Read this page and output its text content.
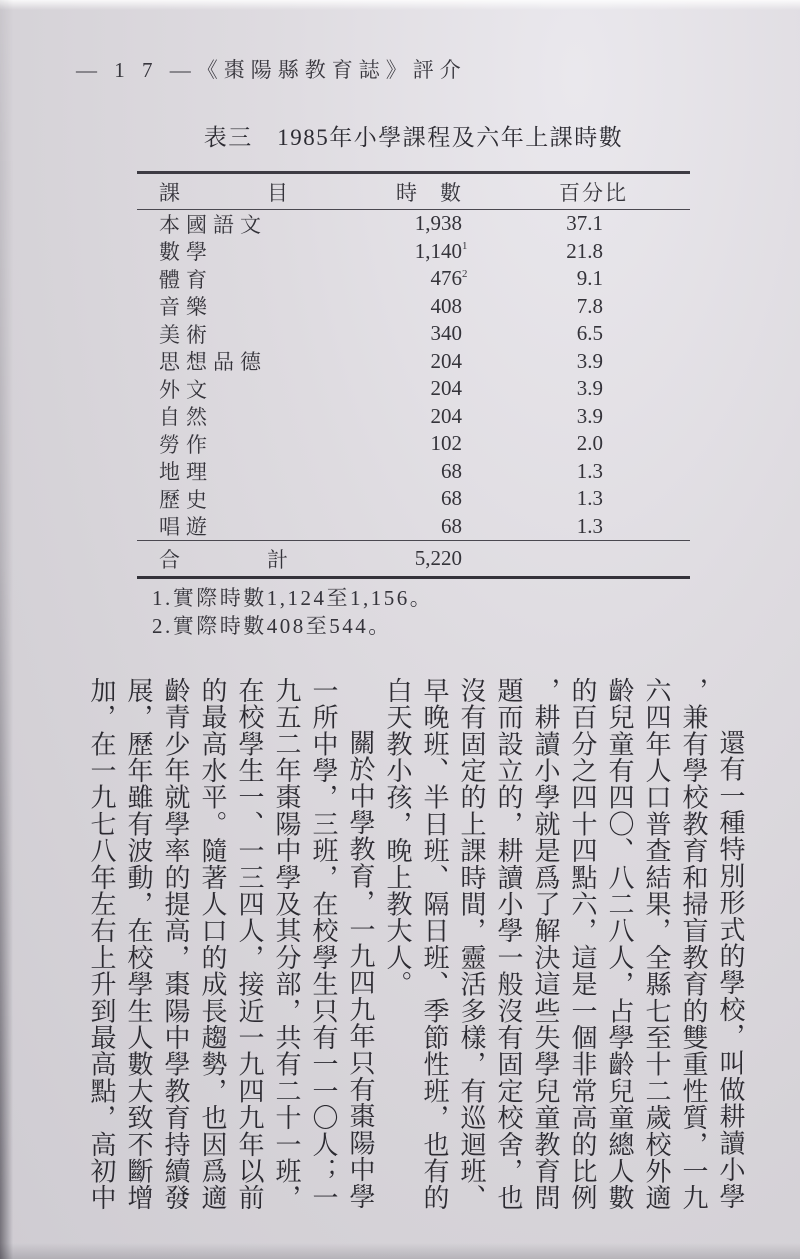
— 1 7 —《棗陽縣教育誌》評介
表三　1985年小學課程及六年上課時數
課　　　目	時　數	百分比
本國語文	1,938	37.1
數學	1,140 $^1$	21.8
體育	476 $^2$	9.1
音樂	408	7.8
美術	340	6.5
思想品德	204	3.9
外文	204	3.9
自然	204	3.9
勞作	102	2.0
地理	68	1.3
歷史	68	1.3
唱遊	68	1.3
合　　　計	5,220

1.實際時數1,124至1,156。

2.實際時數408至544。

還有一種特別形式的學校，叫做耕讀小學，兼有學校教育和掃盲教育的雙重性質，一九六四年人口普查結果，全縣七至十二歲校外適齡兒童有四〇、八二八人，占學齡兒童總人數的百分之四十四點六，這是一個非常高的比例，耕讀小學就是爲了解決這些失學兒童教育問題而設立的，耕讀小學一般沒有固定校舍，也沒有固定的上課時間，靈活多樣，有巡迴班、早晚班、半日班、隔日班、季節性班，也有的白天教小孩，晚上教大人。

關於中學教育，一九四九年只有棗陽中學一所中學，三班，在校學生只有一一〇人；一九五二年棗陽中學及其分部，共有二十一班，在校學生一、一三四人，接近一九四九年以前的最高水平。隨著人口的成長趨勢，也因爲適齡青少年就學率的提高，棗陽中學教育持續發展，歷年雖有波動，在校學生人數大致不斷增加，在一九七八年左右上升到最高點，高初中
